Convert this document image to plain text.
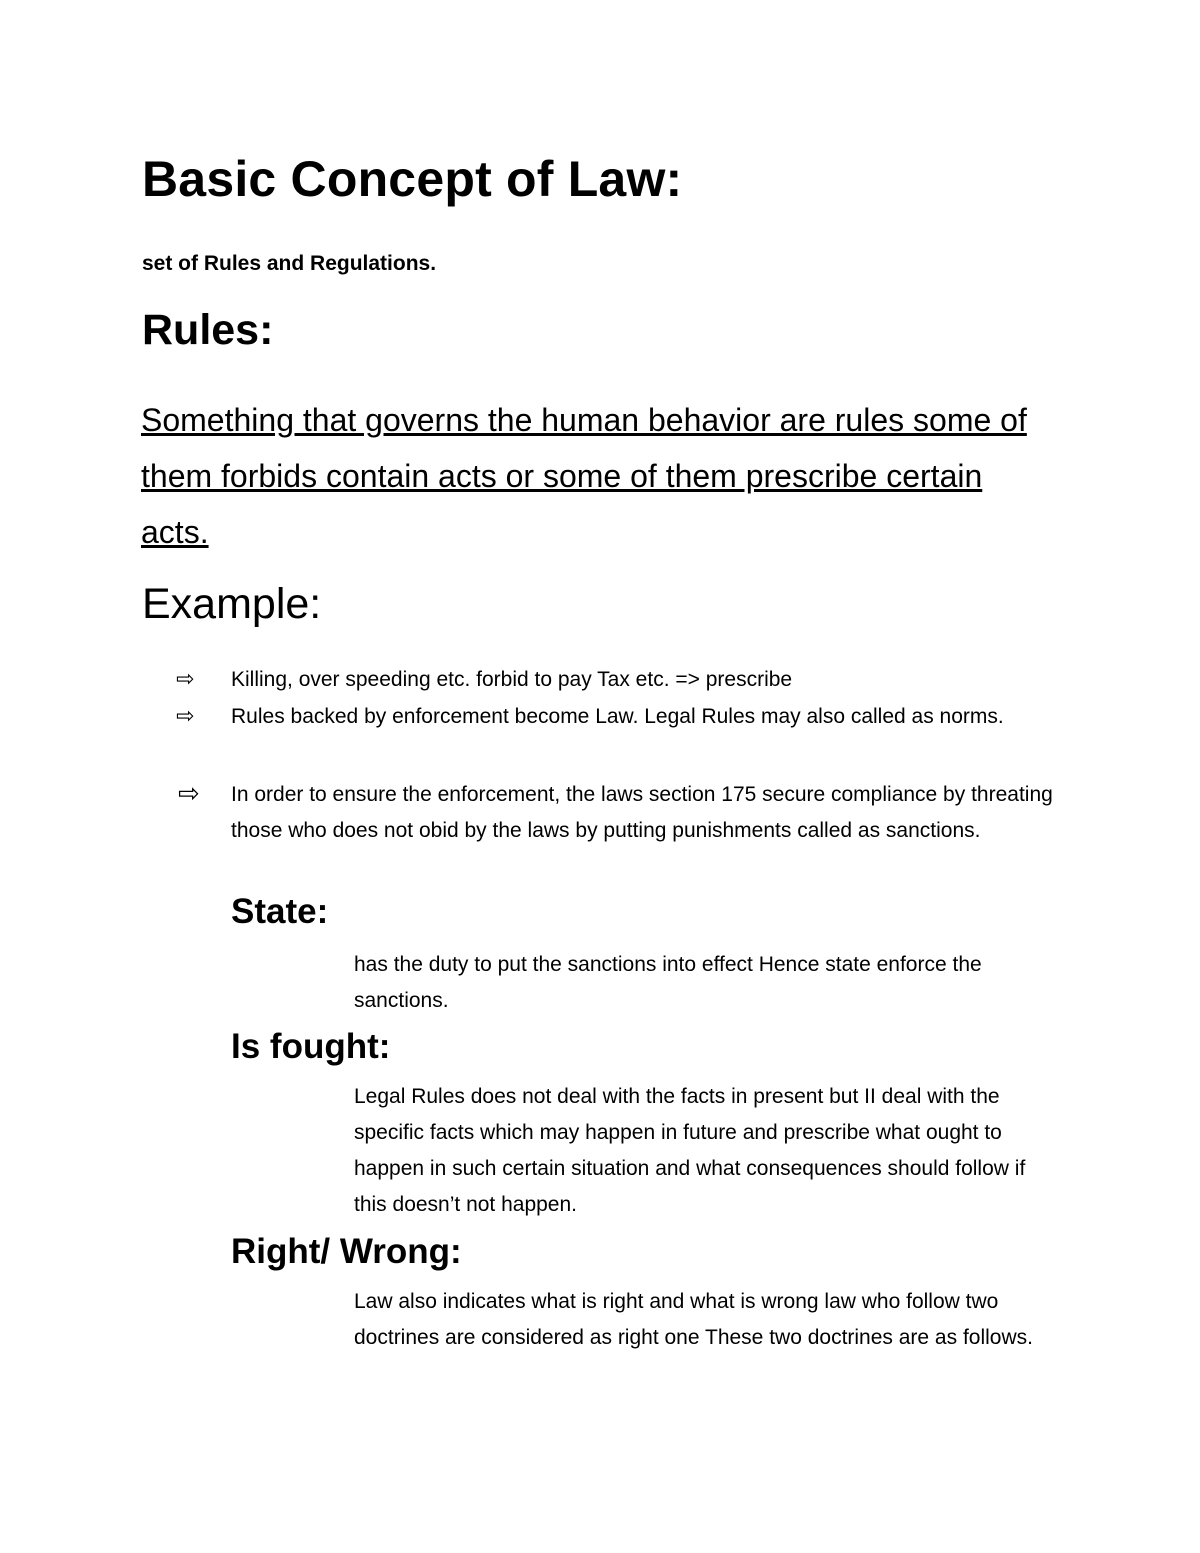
Basic Concept of Law:

set of Rules and Regulations.

Rules:

Something that governs the human behavior are rules some of them forbids contain acts or some of them prescribe certain acts.

Example:
⇨ Killing, over speeding etc. forbid to pay Tax etc. => prescribe

⇨ Rules backed by enforcement become Law. Legal Rules may also called as norms.

⇨ In order to ensure the enforcement, the laws section 175 secure compliance by threating those who does not obid by the laws by putting punishments called as sanctions.

State:

has the duty to put the sanctions into effect Hence state enforce the sanctions.

Is fought:

Legal Rules does not deal with the facts in present but II deal with the specific facts which may happen in future and prescribe what ought to happen in such certain situation and what consequences should follow if this doesn’t not happen.

Right/ Wrong:

Law also indicates what is right and what is wrong law who follow two doctrines are considered as right one These two doctrines are as follows.
